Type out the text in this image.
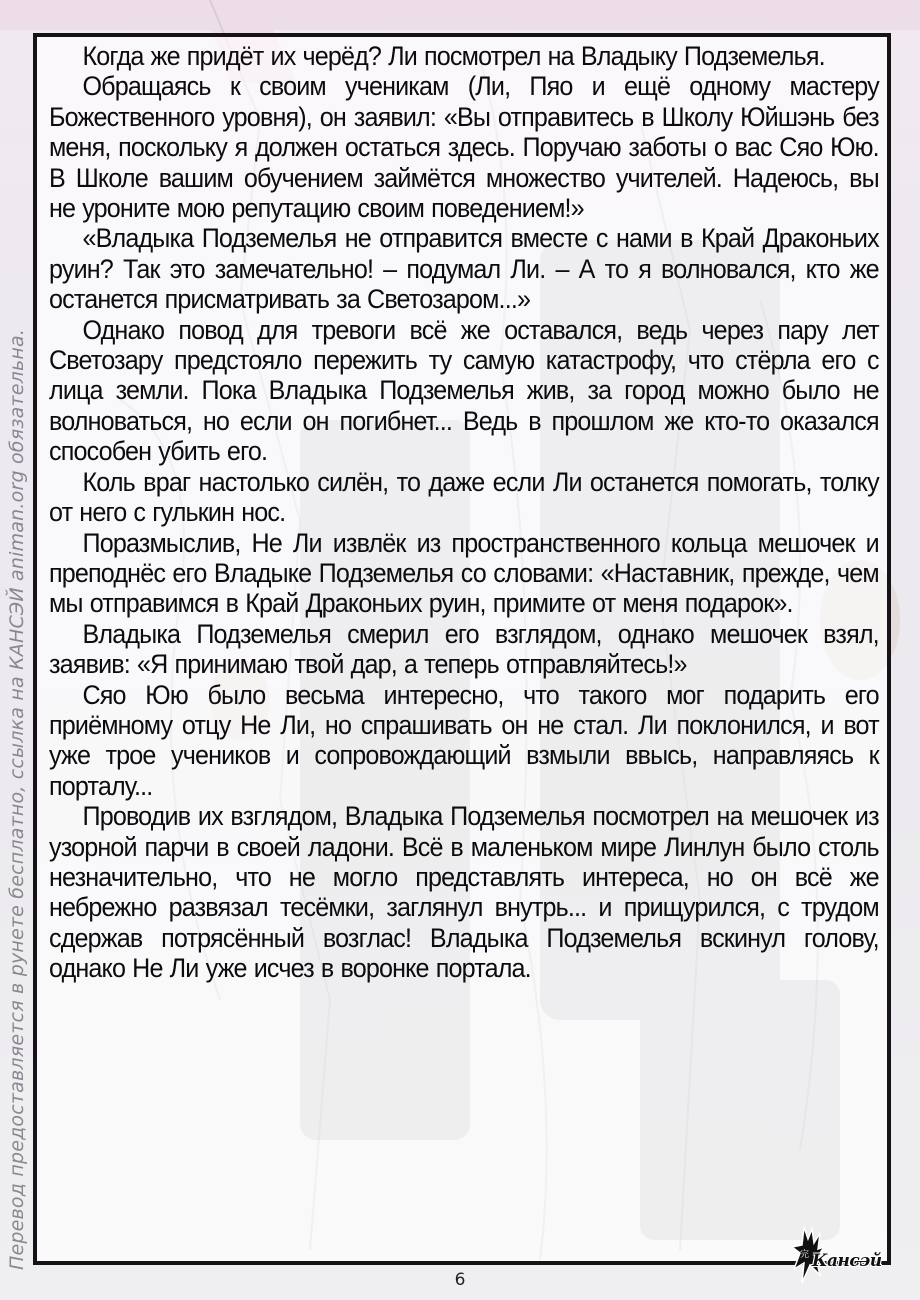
Перевод предоставляется в рунете бесплатно, ссылка на КАНСЭЙ animan.org обязательна.

Когда же придёт их черёд? Ли посмотрел на Владыку Подземелья.

Обращаясь к своим ученикам (Ли, Пяо и ещё одному мастеру Божественного уровня), он заявил: «Вы отправитесь в Школу Юйшэнь без меня, поскольку я должен остаться здесь. Поручаю заботы о вас Сяо Юю. В Школе вашим обучением займётся множество учителей. Надеюсь, вы не уроните мою репутацию своим поведением!»

«Владыка Подземелья не отправится вместе с нами в Край Драконьих руин? Так это замечательно! – подумал Ли. – А то я волновался, кто же останется присматривать за Светозаром...»

Однако повод для тревоги всё же оставался, ведь через пару лет Светозару предстояло пережить ту самую катастрофу, что стёрла его с лица земли. Пока Владыка Подземелья жив, за город можно было не волноваться, но если он погибнет... Ведь в прошлом же кто-то оказался способен убить его.

Коль враг настолько силён, то даже если Ли останется помогать, толку от него с гулькин нос.

Поразмыслив, Не Ли извлёк из пространственного кольца мешочек и преподнёс его Владыке Подземелья со словами: «Наставник, прежде, чем мы отправимся в Край Драконьих руин, примите от меня подарок».

Владыка Подземелья смерил его взглядом, однако мешочек взял, заявив: «Я принимаю твой дар, а теперь отправляйтесь!»

Сяо Юю было весьма интересно, что такого мог подарить его приёмному отцу Не Ли, но спрашивать он не стал. Ли поклонился, и вот уже трое учеников и сопровождающий взмыли ввысь, направляясь к порталу...

Проводив их взглядом, Владыка Подземелья посмотрел на мешочек из узорной парчи в своей ладони. Всё в маленьком мире Линлун было столь незначительно, что не могло представлять интереса, но он всё же небрежно развязал тесёмки, заглянул внутрь... и прищурился, с трудом сдержав потрясённый возглас! Владыка Подземелья вскинул голову, однако Не Ли уже исчез в воронке портала.

6
完 Кансэй
